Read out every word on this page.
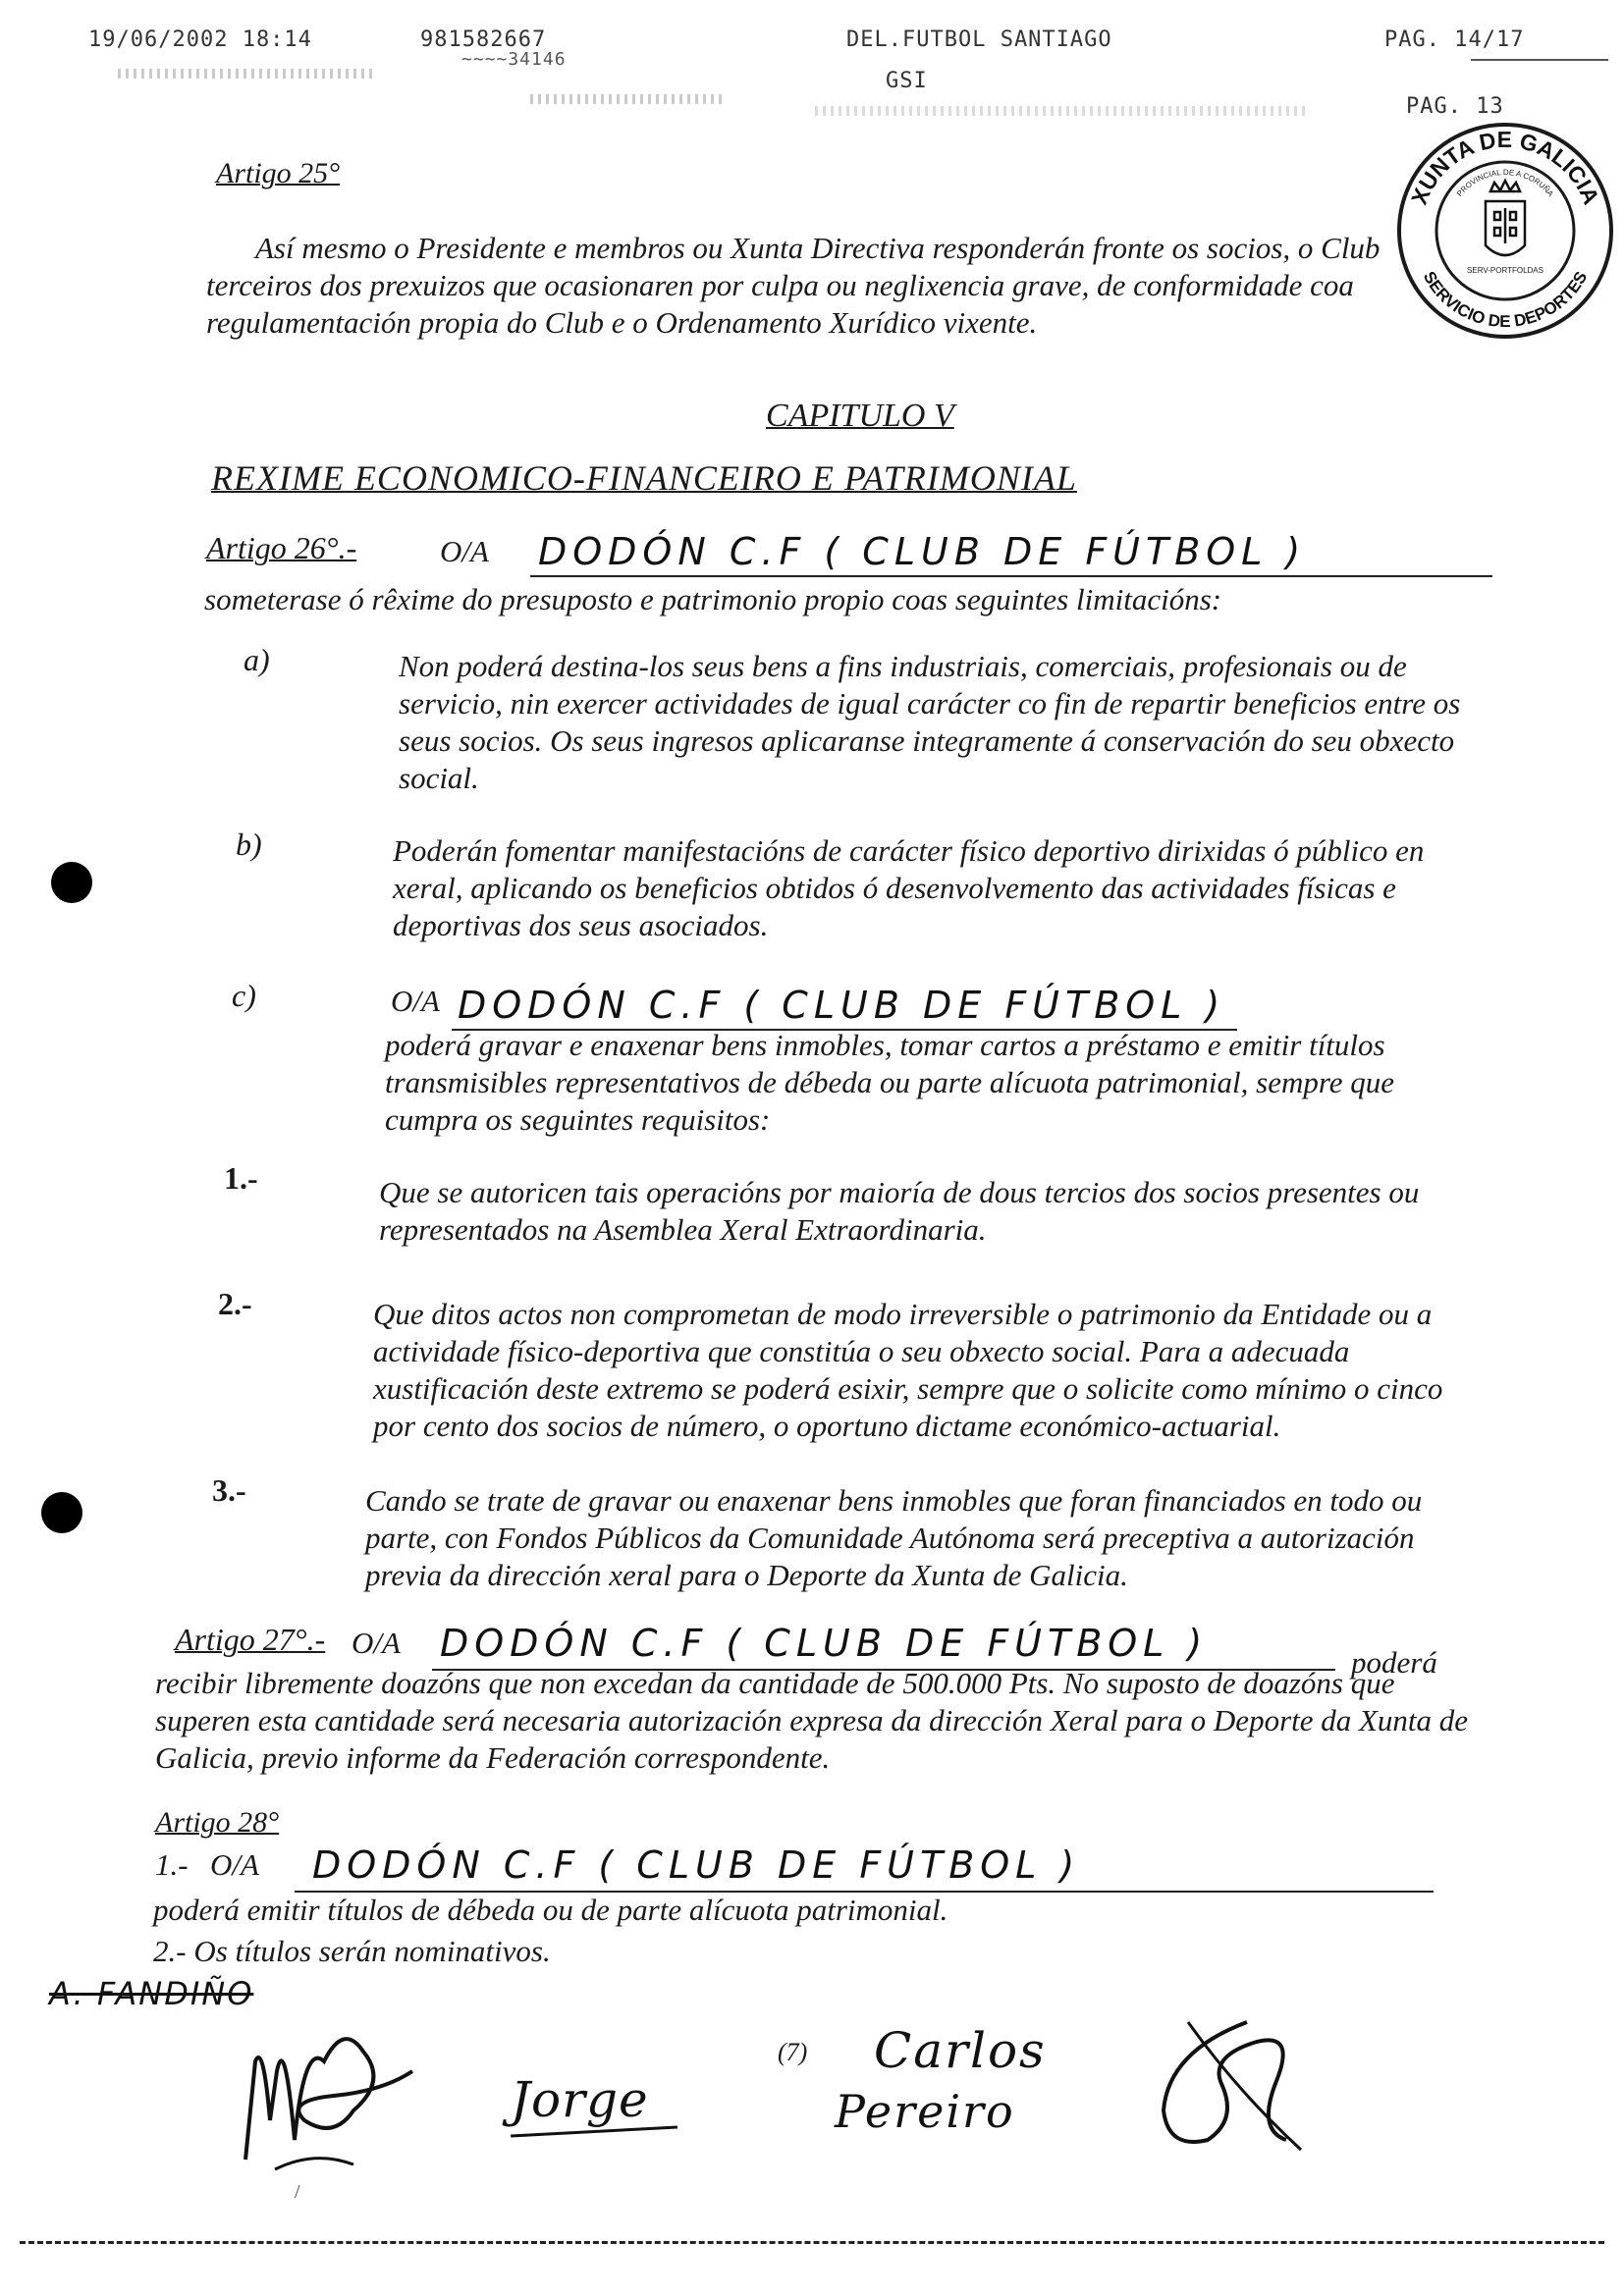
19/06/2002 18:14	981582667
~~~~34146
DEL.FUTBOL SANTIAGO
GSI
PAG. 14/17
PAG. 13
XUNTA DE GALICIA
SERVICIO DE DEPORTES
PROVINCIAL DE A CORUÑA
SERV-PORTFOLDAS
Artigo 25°
Así mesmo o Presidente e membros ou Xunta Directiva responderán fronte os socios, o Club terceiros dos prexuizos que ocasionaren por culpa ou neglixencia grave, de conformidade coa regulamentación propia do Club e o Ordenamento Xurídico vixente.
CAPITULO V
REXIME ECONOMICO-FINANCEIRO E PATRIMONIAL
Artigo 26°.-	O/A DODÓN C.F ( CLUB DE FÚTBOL )
someterase ó rêxime do presuposto e patrimonio propio coas seguintes limitacións:
a)	Non poderá destina-los seus bens a fins industriais, comerciais, profesionais ou de servicio, nin exercer actividades de igual carácter co fin de repartir beneficios entre os seus socios. Os seus ingresos aplicaranse integramente á conservación do seu obxecto social.
b)	Poderán fomentar manifestacións de carácter físico deportivo dirixidas ó público en xeral, aplicando os beneficios obtidos ó desenvolvemento das actividades físicas e deportivas dos seus asociados.
c)	O/A DODÓN C.F ( CLUB DE FÚTBOL )
poderá gravar e enaxenar bens inmobles, tomar cartos a préstamo e emitir títulos transmisibles representativos de débeda ou parte alícuota patrimonial, sempre que cumpra os seguintes requisitos:
1.-	Que se autoricen tais operacións por maioría de dous tercios dos socios presentes ou representados na Asemblea Xeral Extraordinaria.
2.-	Que ditos actos non comprometan de modo irreversible o patrimonio da Entidade ou a actividade físico-deportiva que constitúa o seu obxecto social. Para a adecuada xustificación deste extremo se poderá esixir, sempre que o solicite como mínimo o cinco por cento dos socios de número, o oportuno dictame económico-actuarial.
3.-	Cando se trate de gravar ou enaxenar bens inmobles que foran financiados en todo ou parte, con Fondos Públicos da Comunidade Autónoma será preceptiva a autorización previa da dirección xeral para o Deporte da Xunta de Galicia.
Artigo 27°.- O/A DODÓN C.F ( CLUB DE FÚTBOL )	poderá
recibir libremente doazóns que non excedan da cantidade de 500.000 Pts. No suposto de doazóns que superen esta cantidade será necesaria autorización expresa da dirección Xeral para o Deporte da Xunta de Galicia, previo informe da Federación correspondente.
Artigo 28°
1.- O/A DODÓN C.F ( CLUB DE FÚTBOL )
poderá emitir títulos de débeda ou de parte alícuota patrimonial.
2.- Os títulos serán nominativos.
A. FANDIÑO
Jorge
(7) Carlos
Pereiro
/
